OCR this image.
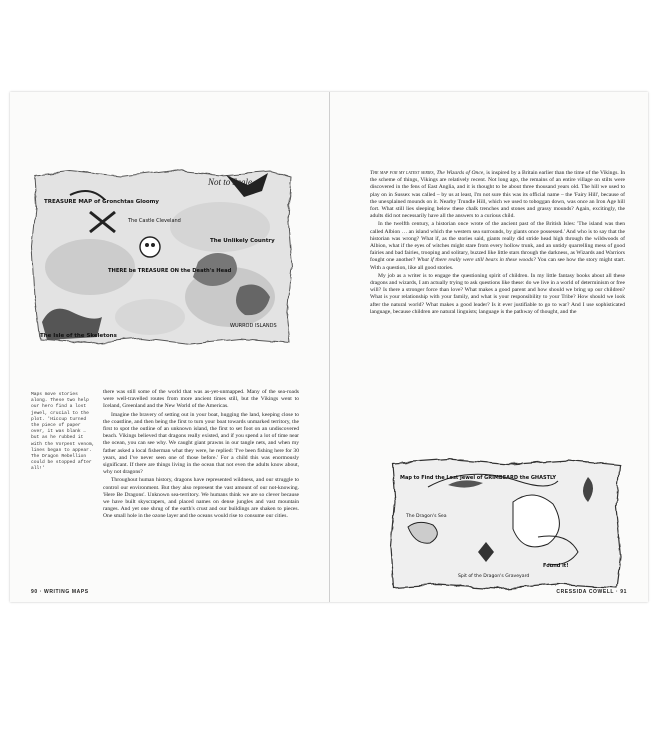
Not to Scale
TREASURE MAP of Gronchtas Gloomy
The Castle Cleveland
THERE be TREASURE ON the Death's Head
The Unlikely Country
The Isle of the Skeletons
WURROD ISLANDS
Maps move stories along. These two help our hero find a lost jewel, crucial to the plot. 'Hiccup turned the piece of paper over, it was blank … but as he rubbed it with the Vorpent venom, lines began to appear. The Dragon Rebellion could be stopped after all!'

there was still some of the world that was as-yet-unmapped. Many of the sea-roads were well-travelled routes from more ancient times still, but the Vikings went to Iceland, Greenland and the New World of the Americas.

Imagine the bravery of setting out in your boat, hugging the land, keeping close to the coastline, and then being the first to turn your boat towards unmarked territory, the first to spot the outline of an unknown island, the first to set foot on an undiscovered beach. Vikings believed that dragons really existed, and if you spend a lot of time near the ocean, you can see why. We caught giant prawns in our tangle nets, and when my father asked a local fisherman what they were, he replied: 'I've been fishing here for 30 years, and I've never seen one of those before.' For a child this was enormously significant. If there are things living in the ocean that not even the adults know about, why not dragons?

Throughout human history, dragons have represented wildness, and our struggle to control our environment. But they also represent the vast amount of our not-knowing. 'Here Be Dragons'. Unknown sea-territory. We humans think we are so clever because we have built skyscrapers, and placed names on dense jungles and vast mountain ranges. And yet one shrug of the earth's crust and our buildings are shaken to pieces. One small hole in the ozone layer and the oceans would rise to consume our cities.

90 · WRITING MAPS

The map for my latest series, The Wizards of Once, is inspired by a Britain earlier than the time of the Vikings. In the scheme of things, Vikings are relatively recent. Not long ago, the remains of an entire village on stilts were discovered in the fens of East Anglia, and it is thought to be about three thousand years old. The hill we used to play on in Sussex was called – by us at least, I'm not sure this was its official name – the 'Fairy Hill', because of the unexplained mounds on it. Nearby Trundle Hill, which we used to toboggan down, was once an Iron Age hill fort. What still lies sleeping below these chalk trenches and stones and grassy mounds? Again, excitingly, the adults did not necessarily have all the answers to a curious child.

In the twelfth century, a historian once wrote of the ancient past of the British Isles: 'The island was then called Albion … an island which the western sea surrounds, by giants once possessed.' And who is to say that the historian was wrong? What if, as the stories said, giants really did stride head high through the wildwoods of Albion, what if the eyes of witches might stare from every hollow trunk, and an untidy quarrelling mess of good fairies and bad fairies, trooping and solitary, buzzed like little stars through the darkness, as Wizards and Warriors fought one another? What if there really were still bears in these woods? You can see how the story might start. With a question, like all good stories.

My job as a writer is to engage the questioning spirit of children. In my little fantasy books about all these dragons and wizards, I am actually trying to ask questions like these: do we live in a world of determinism or free will? Is there a stronger force than love? What makes a good parent and how should we bring up our children? What is your relationship with your family, and what is your responsibility to your Tribe? How should we look after the natural world? What makes a good leader? Is it ever justifiable to go to war? And I use sophisticated language, because children are natural linguists; language is the pathway of thought, and the

Map to Find the Lost Jewel of GRIMBEARD the GHASTLY
The Dragon's Sea
Spit of the Dragon's Graveyard
Found it!
CRESSIDA COWELL · 91
